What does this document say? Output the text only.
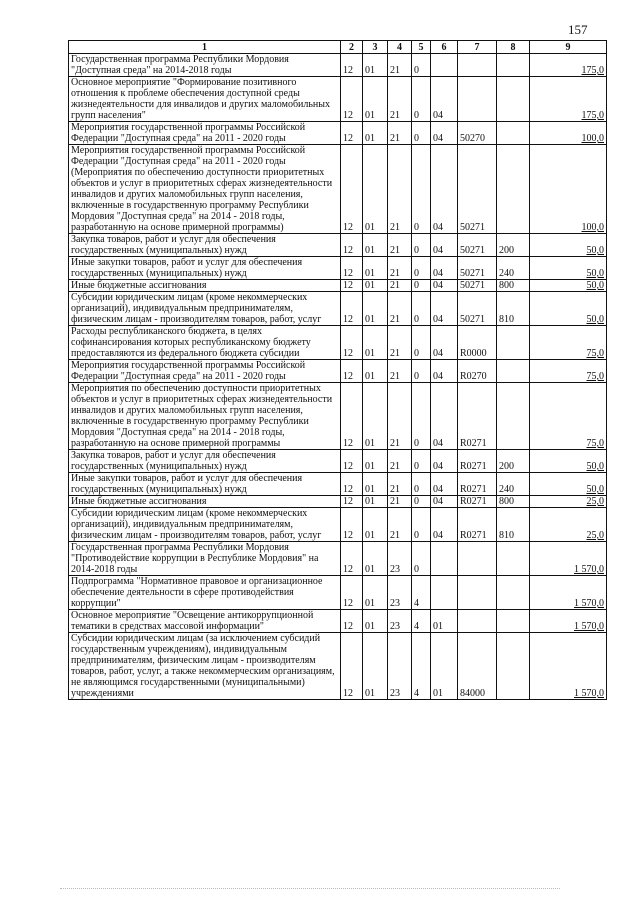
157
1	2	3	4	5	6	7	8	9
Государственная программа Республики Мордовия "Доступная среда" на 2014-2018 годы	12	01	21	0				175,0
Основное мероприятие "Формирование позитивного отношения к проблеме обеспечения доступной среды жизнедеятельности для инвалидов и других маломобильных групп населения"	12	01	21	0	04			175,0
Мероприятия государственной программы Российской Федерации "Доступная среда" на 2011 - 2020 годы	12	01	21	0	04	50270		100,0
Мероприятия государственной программы Российской Федерации "Доступная среда" на 2011 - 2020 годы (Мероприятия по обеспечению доступности приоритетных объектов и услуг в приоритетных сферах жизнедеятельности инвалидов и других маломобильных групп населения, включенные в государственную программу Республики Мордовия "Доступная среда" на 2014 - 2018 годы, разработанную на основе примерной программы)	12	01	21	0	04	50271		100,0
Закупка товаров, работ и услуг для обеспечения государственных (муниципальных) нужд	12	01	21	0	04	50271	200	50,0
Иные закупки товаров, работ и услуг для обеспечения государственных (муниципальных) нужд	12	01	21	0	04	50271	240	50,0
Иные бюджетные ассигнования	12	01	21	0	04	50271	800	50,0
Субсидии юридическим лицам (кроме некоммерческих организаций), индивидуальным предпринимателям, физическим лицам - производителям товаров, работ, услуг	12	01	21	0	04	50271	810	50,0
Расходы республиканского бюджета, в целях софинансирования которых республиканскому бюджету предоставляются из федерального бюджета субсидии	12	01	21	0	04	R0000		75,0
Мероприятия государственной программы Российской Федерации "Доступная среда" на 2011 - 2020 годы	12	01	21	0	04	R0270		75,0
Мероприятия по обеспечению доступности приоритетных объектов и услуг в приоритетных сферах жизнедеятельности инвалидов и других маломобильных групп населения, включенные в государственную программу Республики Мордовия "Доступная среда" на 2014 - 2018 годы, разработанную на основе примерной программы	12	01	21	0	04	R0271		75,0
Закупка товаров, работ и услуг для обеспечения государственных (муниципальных) нужд	12	01	21	0	04	R0271	200	50,0
Иные закупки товаров, работ и услуг для обеспечения государственных (муниципальных) нужд	12	01	21	0	04	R0271	240	50,0
Иные бюджетные ассигнования	12	01	21	0	04	R0271	800	25,0
Субсидии юридическим лицам (кроме некоммерческих организаций), индивидуальным предпринимателям, физическим лицам - производителям товаров, работ, услуг	12	01	21	0	04	R0271	810	25,0
Государственная программа Республики Мордовия "Противодействие коррупции в Республике Мордовия" на 2014-2018 годы	12	01	23	0				1 570,0
Подпрограмма "Нормативное правовое и организационное обеспечение деятельности в сфере противодействия коррупции"	12	01	23	4				1 570,0
Основное мероприятие "Освещение антикоррупционной тематики в средствах массовой информации"	12	01	23	4	01			1 570,0
Субсидии юридическим лицам (за исключением субсидий государственным учреждениям), индивидуальным предпринимателям, физическим лицам - производителям товаров, работ, услуг, а также некоммерческим организациям, не являющимся государственными (муниципальными) учреждениями	12	01	23	4	01	84000		1 570,0
